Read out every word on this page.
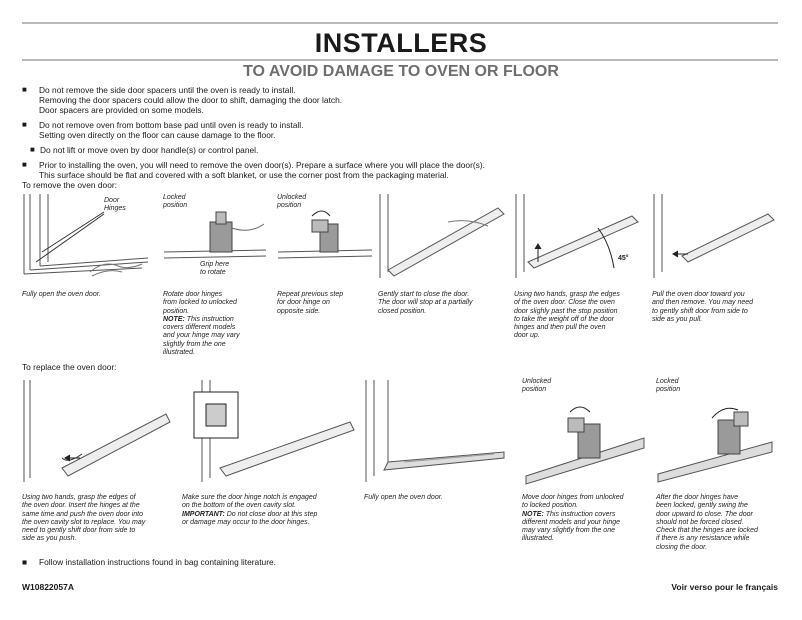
INSTALLERS
TO AVOID DAMAGE TO OVEN OR FLOOR
■	Do not remove the side door spacers until the oven is ready to install.
Removing the door spacers could allow the door to shift, damaging the door latch.
Door spacers are provided on some models.
■	Do not remove oven from bottom base pad until oven is ready to install.
Setting oven directly on the floor can cause damage to the floor.
■ Do not lift or move oven by door handle(s) or control panel.
■	Prior to installing the oven, you will need to remove the oven door(s). Prepare a surface where you will place the door(s).
This surface should be flat and covered with a soft blanket, or use the corner post from the packaging material.
To remove the oven door:
Door
Hinges
Fully open the oven door.
Locked
position
Grip here
to rotate
Rotate door hinges
from locked to unlocked
position.
NOTE: This instruction
covers different models
and your hinge may vary
slightly from the one
illustrated.
Unlocked
position
Repeat previous step
for door hinge on
opposite side.
Gently start to close the door.
The door will stop at a partially
closed position.
45°
Using two hands, grasp the edges
of the oven door. Close the oven
door slighly past the stop position
to take the weight off of the door
hinges and then pull the oven
door up.
Pull the oven door toward you
and then remove. You may need
to gently shift door from side to
side as you pull.
To replace the oven door:
Using two hands, grasp the edges of
the oven door. Insert the hinges at the
same time and push the oven door into
the oven cavity slot to replace. You may
need to gently shift door from side to
side as you push.
Make sure the door hinge notch is engaged
on the bottom of the oven cavity slot.
IMPORTANT: Do not close door at this step
or damage may occur to the door hinges.
Fully open the oven door.
Unlocked
position
Move door hinges from unlocked
to locked position.
NOTE: This instruction covers
different models and your hinge
may vary slightly from the one
illustrated.
Locked
position
After the door hinges have
been locked, gently swing the
door upward to close. The door
should not be forced closed.
Check that the hinges are locked
if there is any resistance while
closing the door.
■	Follow installation instructions found in bag containing literature.
W10822057A	Voir verso pour le français
